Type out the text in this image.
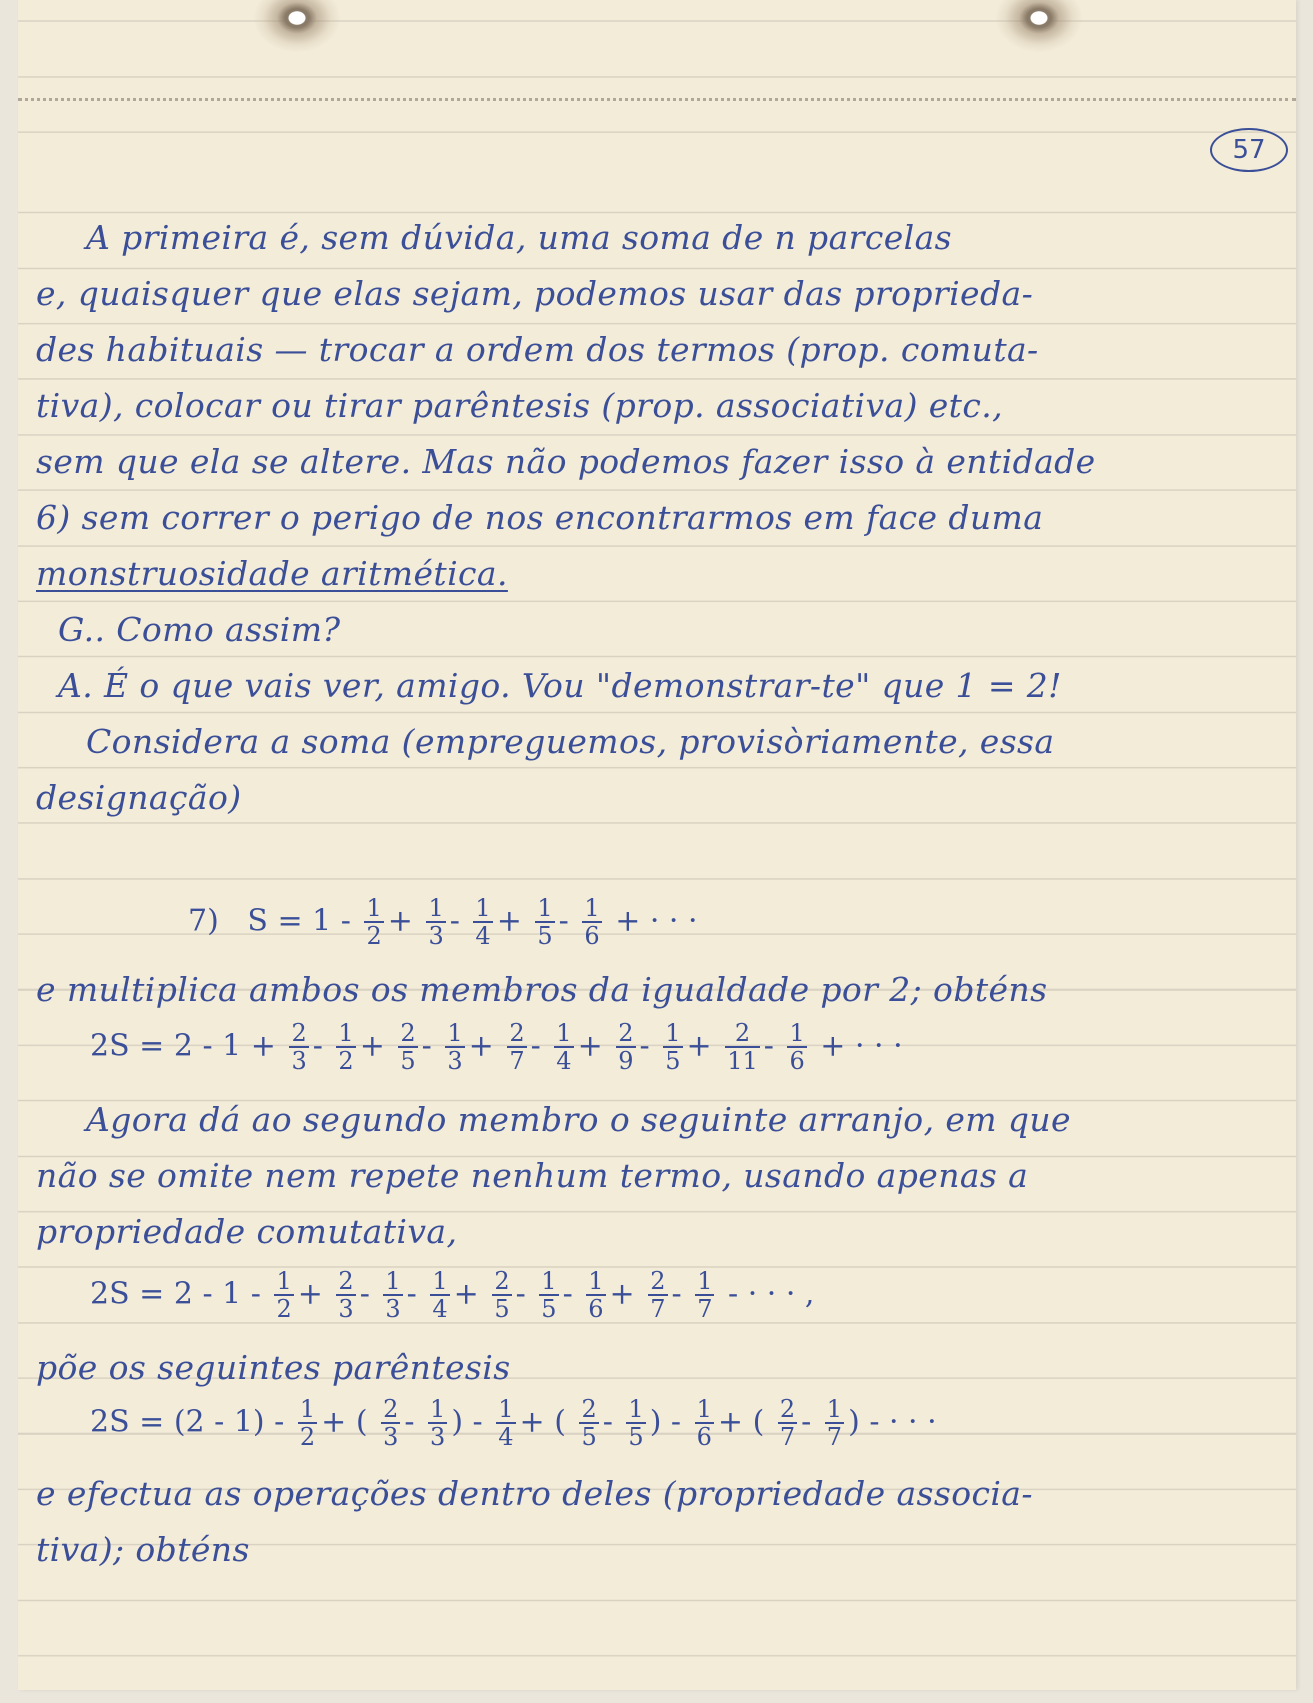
57
A primeira é, sem dúvida, uma soma de n parcelas
e, quaisquer que elas sejam, podemos usar das proprieda-
des habituais — trocar a ordem dos termos (prop. comuta-
tiva), colocar ou tirar parêntesis (prop. associativa) etc.,
sem que ela se altere. Mas não podemos fazer isso à entidade
6) sem correr o perigo de nos encontrarmos em face duma
monstruosidade aritmética.
G.. Como assim?
A. É o que vais ver, amigo. Vou "demonstrar-te" que 1 = 2!
Considera a soma (empreguemos, provisòriamente, essa
designação)
7) $S = 1 - \frac{1}{2} + \frac{1}{3} - \frac{1}{4} + \frac{1}{5} - \frac{1}{6}$ + · · ·
e multiplica ambos os membros da igualdade por 2; obténs
$2S = 2 - 1 + \frac{2}{3} - \frac{1}{2} + \frac{2}{5} - \frac{1}{3} + \frac{2}{7} - \frac{1}{4} + \frac{2}{9} - \frac{1}{5} + \frac{2}{11} - \frac{1}{6}$ + · · ·
Agora dá ao segundo membro o seguinte arranjo, em que
não se omite nem repete nenhum termo, usando apenas a
propriedade comutativa,
$2S = 2 - 1 - \frac{1}{2} + \frac{2}{3} - \frac{1}{3} - \frac{1}{4} + \frac{2}{5} - \frac{1}{5} - \frac{1}{6} + \frac{2}{7} - \frac{1}{7}$ - · · · ,
põe os seguintes parêntesis
$2S = (2 - 1) - \frac{1}{2}$ + ( $\frac{2}{3} - \frac{1}{3}$ ) - $\frac{1}{4}$ + ( $\frac{2}{5} - \frac{1}{5}$ ) - $\frac{1}{6}$ + ( $\frac{2}{7} - \frac{1}{7}$ ) - · · ·
e efectua as operações dentro deles (propriedade associa-
tiva); obténs
